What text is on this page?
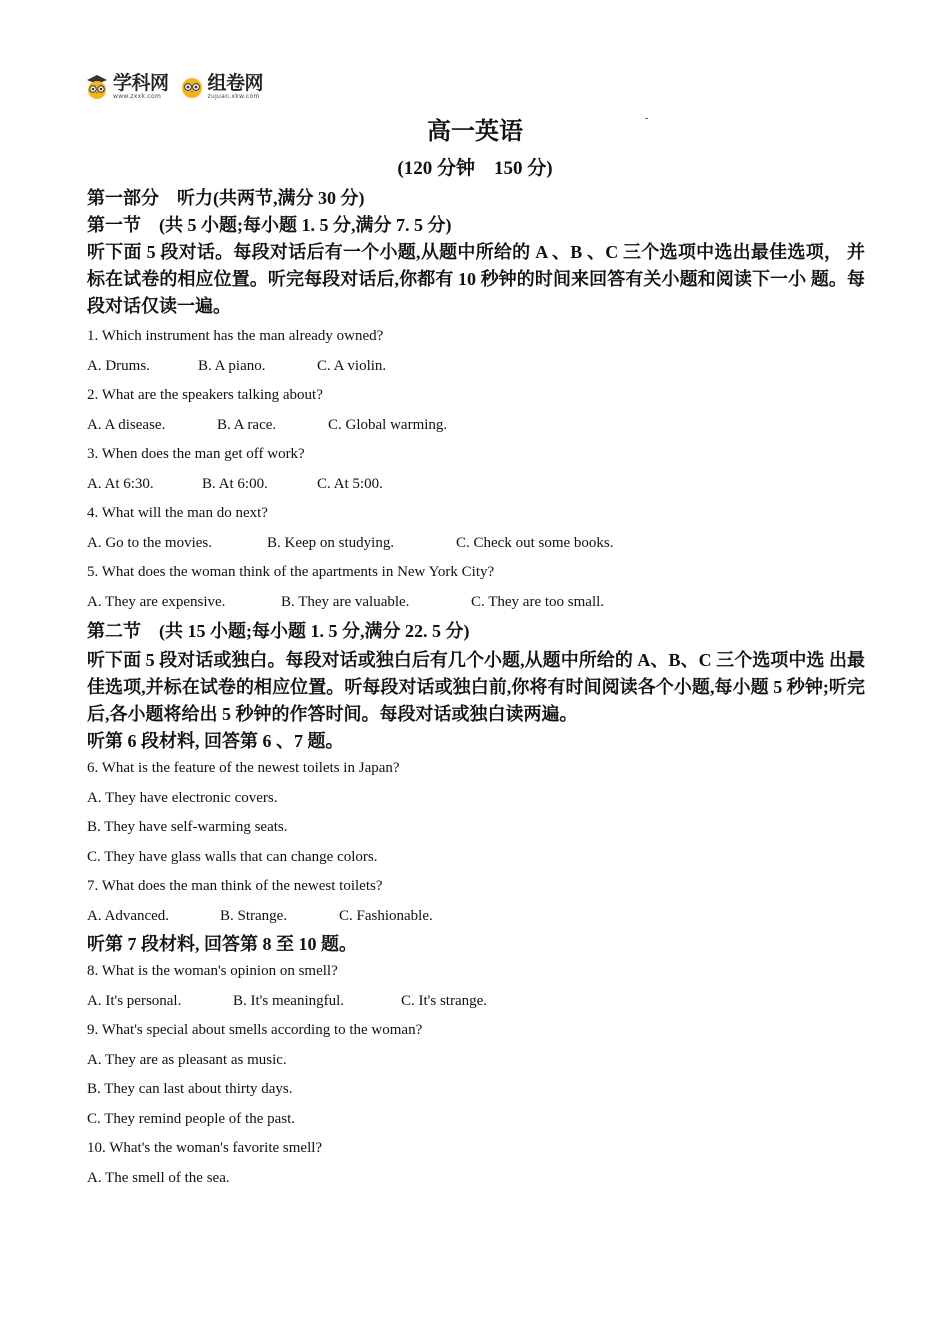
学科网
www.zxxk.com
组卷网
zujuan.xkw.com
高一英语
(120 分钟　150 分)

第一部分　听力(共两节,满分 30 分)

第一节　(共 5 小题;每小题 1. 5 分,满分 7. 5 分)

听下面 5 段对话。每段对话后有一个小题,从题中所给的 A 、B 、C 三个选项中选出最佳选项， 并标在试卷的相应位置。听完每段对话后,你都有 10 秒钟的时间来回答有关小题和阅读下一小 题。每段对话仅读一遍。

1. Which instrument has the man already owned?

A. Drums.	B. A piano.	C. A violin.

2. What are the speakers talking about?

A. A disease.	B. A race.	C. Global warming.

3. When does the man get off work?

A. At 6:30.	B. At 6:00.	C. At 5:00.

4. What will the man do next?

A. Go to the movies.	B. Keep on studying.	C. Check out some books.

5. What does the woman think of the apartments in New York City?

A. They are expensive.	B. They are valuable.	C. They are too small.

第二节　(共 15 小题;每小题 1. 5 分,满分 22. 5 分)

听下面 5 段对话或独白。每段对话或独白后有几个小题,从题中所给的 A、B、C 三个选项中选 出最佳选项,并标在试卷的相应位置。听每段对话或独白前,你将有时间阅读各个小题,每小题 5 秒钟;听完后,各小题将给出 5 秒钟的作答时间。每段对话或独白读两遍。

听第 6 段材料, 回答第 6 、7 题。

6. What is the feature of the newest toilets in Japan?

A. They have electronic covers.

B. They have self-warming seats.

C. They have glass walls that can change colors.

7. What does the man think of the newest toilets?

A. Advanced.	B. Strange.	C. Fashionable.

听第 7 段材料, 回答第 8 至 10 题。

8. What is the woman's opinion on smell?

A. It's personal.	B. It's meaningful.	C. It's strange.

9. What's special about smells according to the woman?

A. They are as pleasant as music.

B. They can last about thirty days.

C. They remind people of the past.

10. What's the woman's favorite smell?

A. The smell of the sea.
